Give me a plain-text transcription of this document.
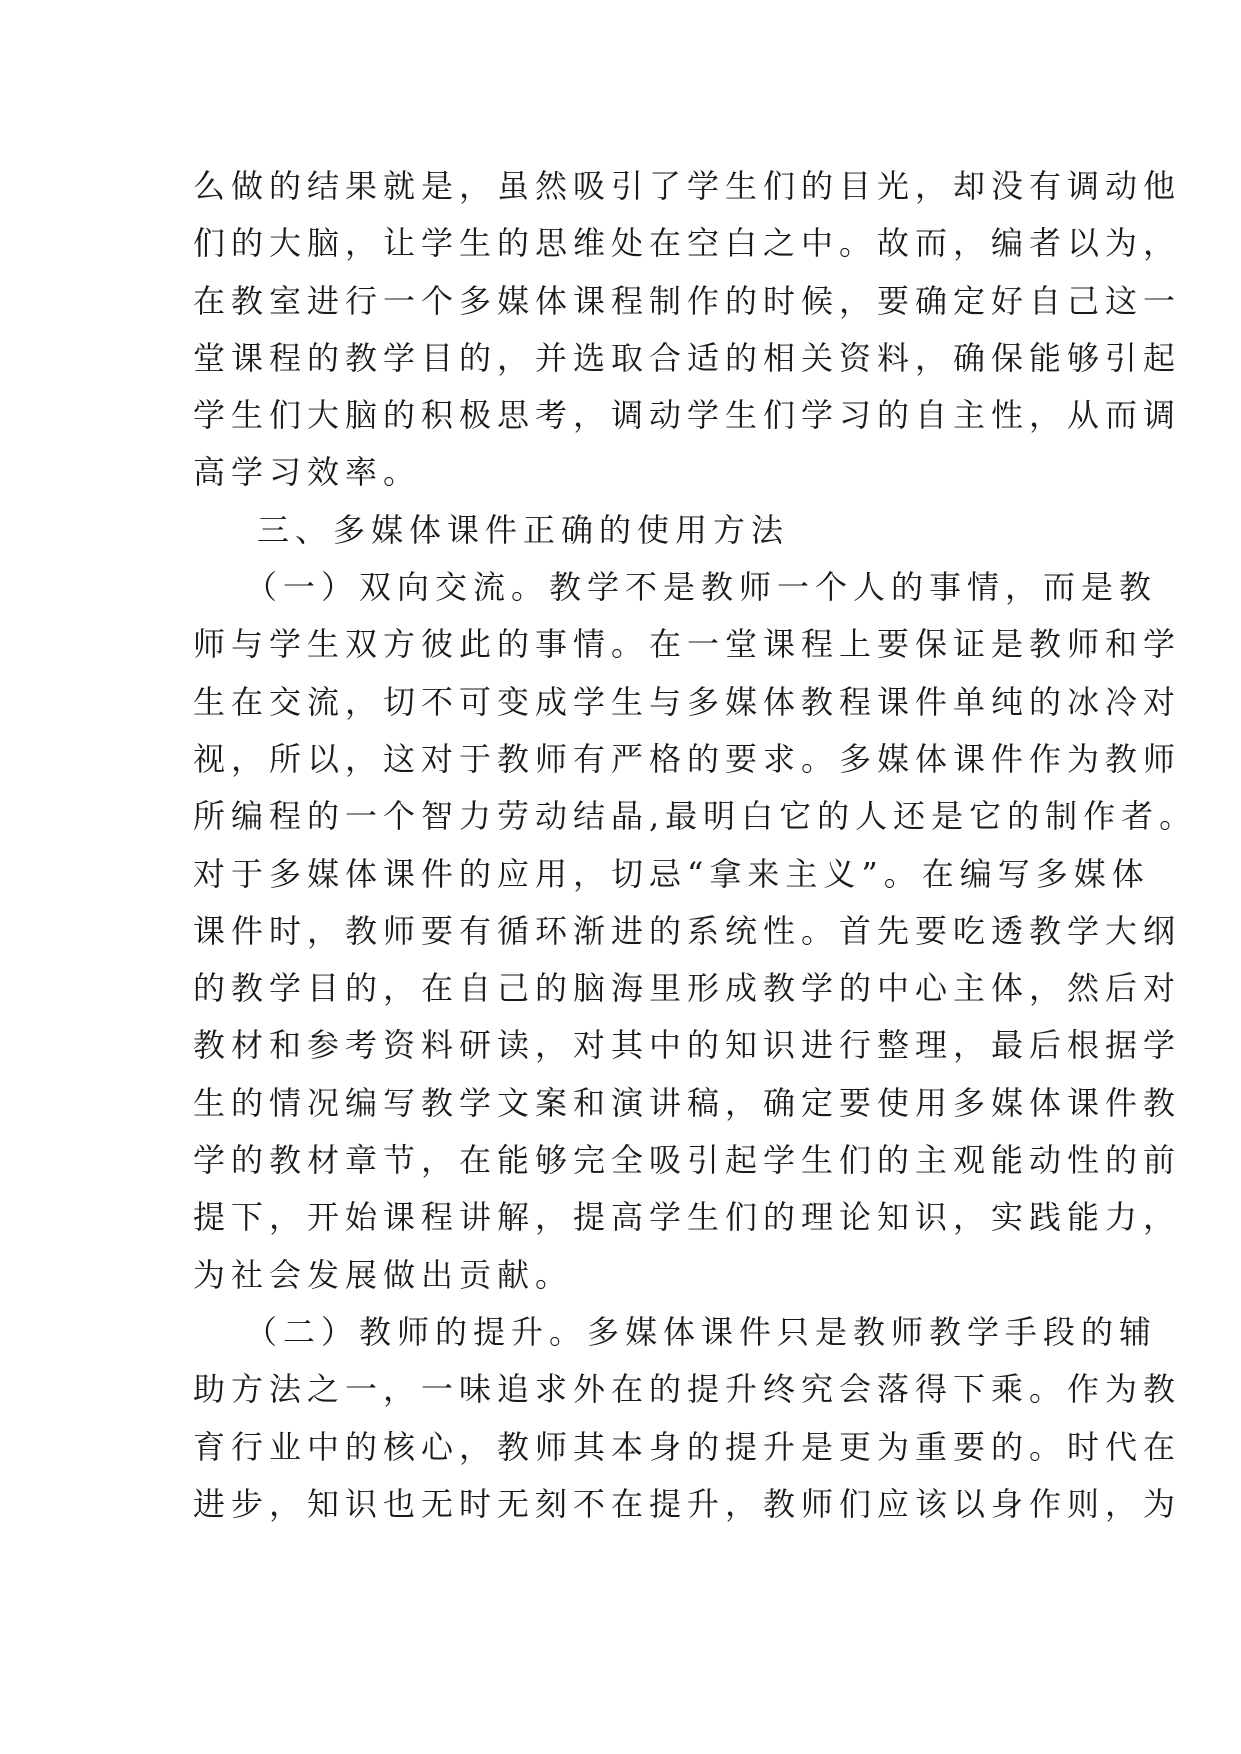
么做的结果就是，虽然吸引了学生们的目光，却没有调动他
们的大脑，让学生的思维处在空白之中。故而，编者以为，
在教室进行一个多媒体课程制作的时候，要确定好自己这一
堂课程的教学目的，并选取合适的相关资料，确保能够引起
学生们大脑的积极思考，调动学生们学习的自主性，从而调
高学习效率。
三、多媒体课件正确的使用方法
（一）双向交流。教学不是教师一个人的事情，而是教
师与学生双方彼此的事情。在一堂课程上要保证是教师和学
生在交流，切不可变成学生与多媒体教程课件单纯的冰冷对
视，所以，这对于教师有严格的要求。多媒体课件作为教师
所编程的一个智力劳动结晶,最明白它的人还是它的制作者。
对于多媒体课件的应用，切忌“拿来主义”。在编写多媒体
课件时，教师要有循环渐进的系统性。首先要吃透教学大纲
的教学目的，在自己的脑海里形成教学的中心主体，然后对
教材和参考资料研读，对其中的知识进行整理，最后根据学
生的情况编写教学文案和演讲稿，确定要使用多媒体课件教
学的教材章节，在能够完全吸引起学生们的主观能动性的前
提下，开始课程讲解，提高学生们的理论知识，实践能力，
为社会发展做出贡献。
（二）教师的提升。多媒体课件只是教师教学手段的辅
助方法之一，一味追求外在的提升终究会落得下乘。作为教
育行业中的核心，教师其本身的提升是更为重要的。时代在
进步，知识也无时无刻不在提升，教师们应该以身作则，为
